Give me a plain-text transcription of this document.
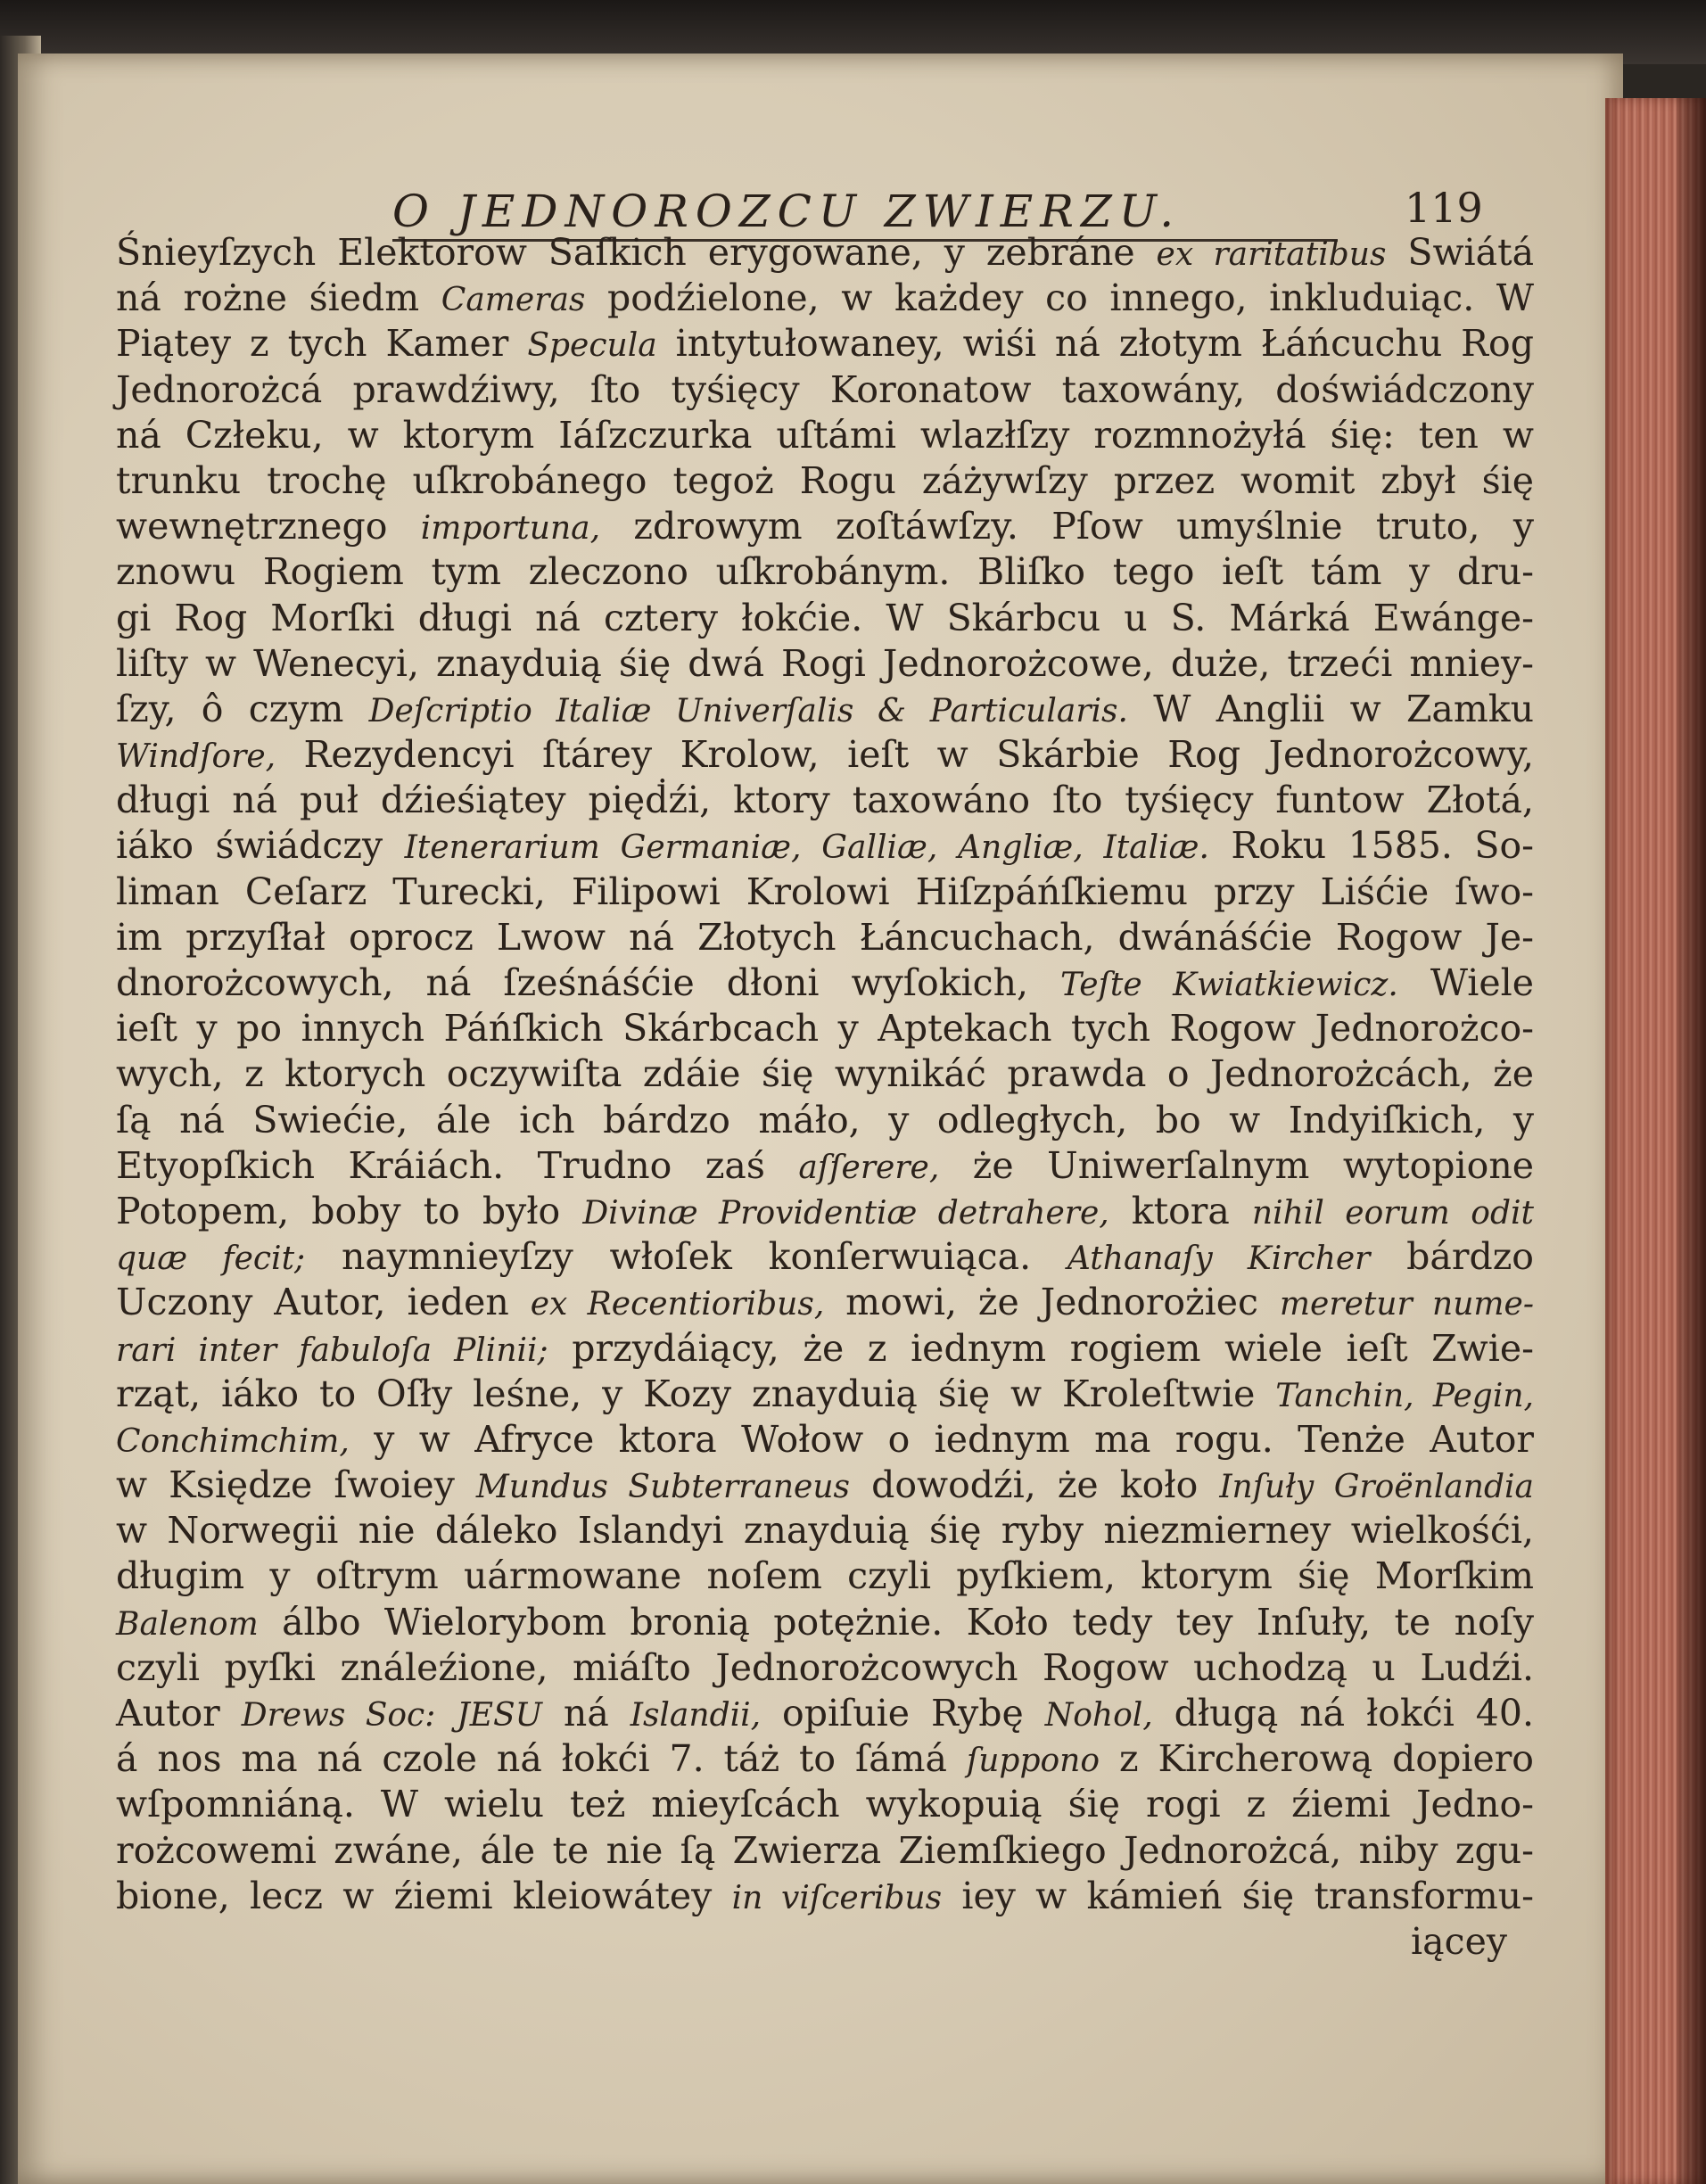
O JEDNOROZCU ZWIERZU.	119
Śnieyſzych Elektorow Saſkich erygowane, y zebráne ex raritatibus Swiátá
ná rożne śiedm Cameras podźielone, w każdey co innego, inkluduiąc. W
Piątey z tych Kamer Specula intytułowaney, wiśi ná złotym Łáńcuchu Rog
Jednorożcá prawdźiwy, ſto tyśięcy Koronatow taxowány, doświádczony
ná Człeku, w ktorym Iáſzczurka uſtámi wlazłſzy rozmnożyłá śię: ten w
trunku trochę uſkrobánego tegoż Rogu záżywſzy przez womit zbył śię
wewnętrznego importuna, zdrowym zoſtáwſzy. Pſow umyślnie truto, y
znowu Rogiem tym zleczono uſkrobánym. Bliſko tego ieſt tám y dru-
gi Rog Morſki długi ná cztery łokćie. W Skárbcu u S. Márká Ewánge-
liſty w Wenecyi, znayduią śię dwá Rogi Jednorożcowe, duże, trzeći mniey-
ſzy, ô czym Deſcriptio Italiæ Univerſalis & Particularis. W Anglii w Zamku
Windſore, Rezydencyi ſtárey Krolow, ieſt w Skárbie Rog Jednorożcowy,
długi ná puł dźieśiątey pięḋźi, ktory taxowáno ſto tyśięcy funtow Złotá,
iáko świádczy Itenerarium Germaniæ, Galliæ, Angliæ, Italiæ. Roku 1585. So-
liman Ceſarz Turecki, Filipowi Krolowi Hiſzpáńſkiemu przy Liśćie ſwo-
im przyſłał oprocz Lwow ná Złotych Łáncuchach, dwánáśćie Rogow Je-
dnorożcowych, ná ſześnáśćie dłoni wyſokich, Teſte Kwiatkiewicz. Wiele
ieſt y po innych Páńſkich Skárbcach y Aptekach tych Rogow Jednorożco-
wych, z ktorych oczywiſta zdáie śię wynikáć prawda o Jednorożcách, że
ſą ná Swiećie, ále ich bárdzo máło, y odległych, bo w Indyiſkich, y
Etyopſkich Kráiách. Trudno zaś aſſerere, że Uniwerſalnym wytopione
Potopem, boby to było Divinæ Providentiæ detrahere, ktora nihil eorum odit
quæ fecit; naymnieyſzy włoſek konſerwuiąca. Athanaſy Kircher bárdzo
Uczony Autor, ieden ex Recentioribus, mowi, że Jednorożiec meretur nume-
rari inter fabuloſa Plinii; przydáiący, że z iednym rogiem wiele ieſt Zwie-
rząt, iáko to Oſły leśne, y Kozy znayduią śię w Kroleſtwie Tanchin, Pegin,
Conchimchim, y w Afryce ktora Wołow o iednym ma rogu. Tenże Autor
w Księdze ſwoiey Mundus Subterraneus dowodźi, że koło Inſuły Groënlandia
w Norwegii nie dáleko Islandyi znayduią śię ryby niezmierney wielkośći,
długim y oſtrym uármowane noſem czyli pyſkiem, ktorym śię Morſkim
Balenom álbo Wielorybom bronią potężnie. Koło tedy tey Inſuły, te noſy
czyli pyſki ználeźione, miáſto Jednorożcowych Rogow uchodzą u Ludźi.
Autor Drews Soc: JESU ná Islandii, opiſuie Rybę Nohol, długą ná łokći 40.
á nos ma ná czole ná łokći 7. táż to ſámá ſuppono z Kircherową dopiero
wſpomniáną. W wielu też mieyſcách wykopuią śię rogi z źiemi Jedno-
rożcowemi zwáne, ále te nie ſą Zwierza Ziemſkiego Jednorożcá, niby zgu-
bione, lecz w źiemi kleiowátey in viſceribus iey w kámień śię transformu-
iącey
